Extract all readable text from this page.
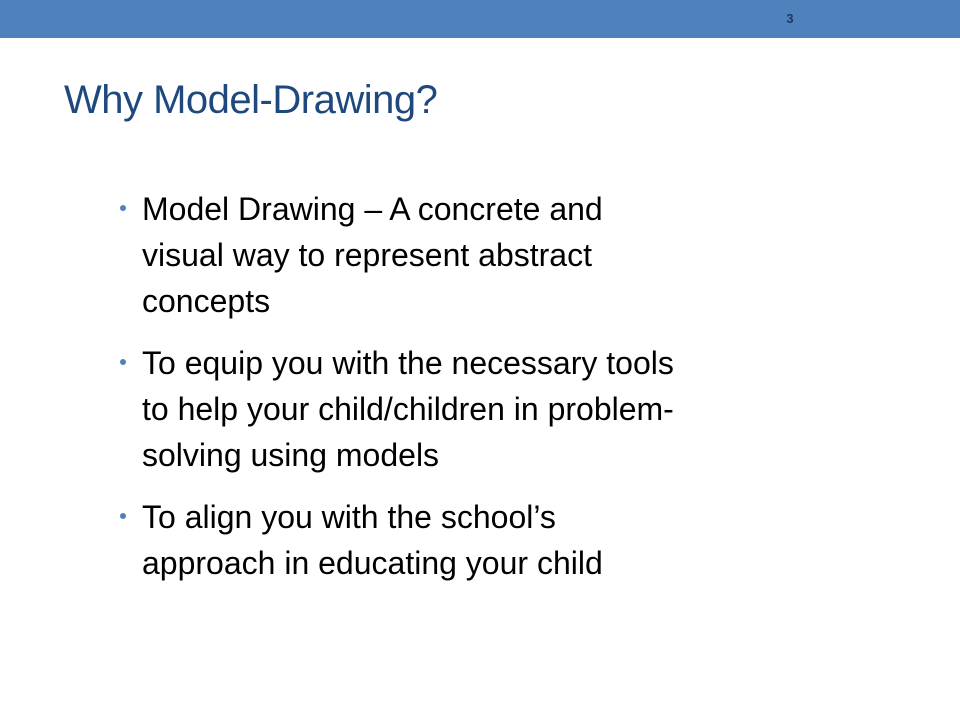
3
Why Model-Drawing?
Model Drawing – A concrete and
visual way to represent abstract
concepts
To equip you with the necessary tools
to help your child/children in problem-
solving using models
To align you with the school’s
approach in educating your child
